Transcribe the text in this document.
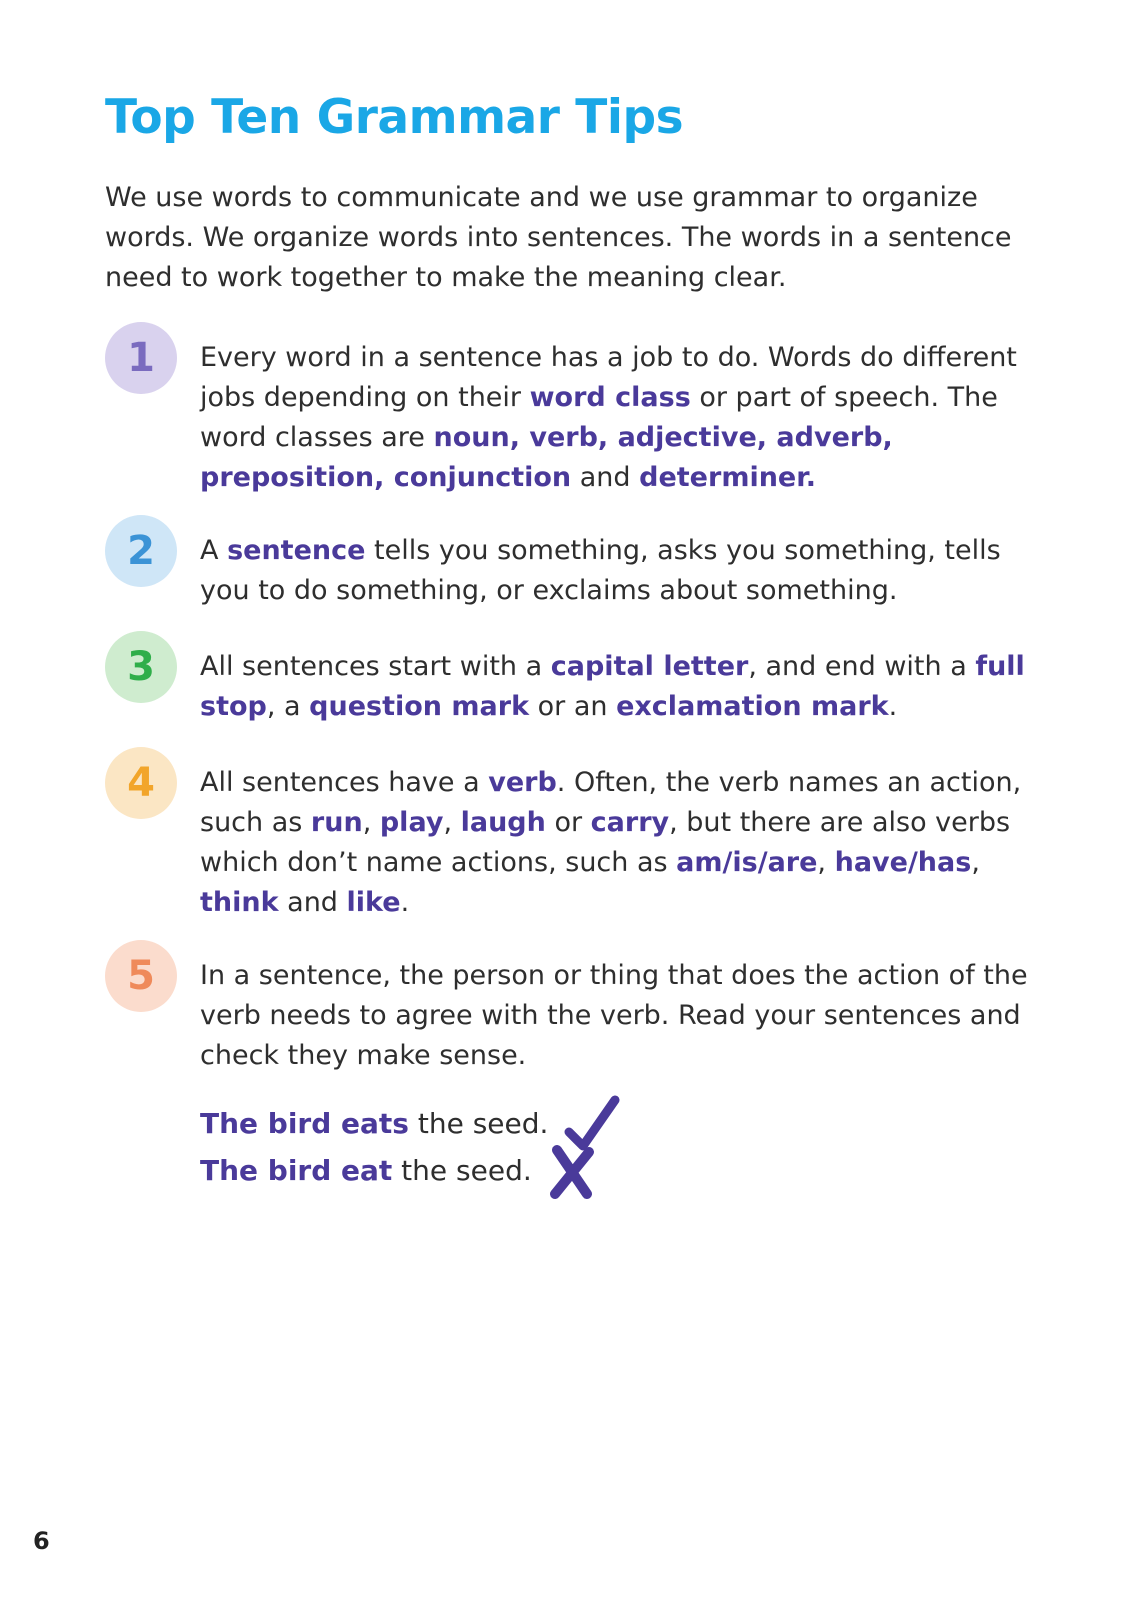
Top Ten Grammar Tips

We use words to communicate and we use grammar to organize words. We organize words into sentences. The words in a sentence need to work together to make the meaning clear.

1	Every word in a sentence has a job to do. Words do different jobs depending on their word class or part of speech. The word classes are noun, verb, adjective, adverb, preposition, conjunction and determiner.

2	A sentence tells you something, asks you something, tells you to do something, or exclaims about something.

3	All sentences start with a capital letter, and end with a full stop, a question mark or an exclamation mark.

4	All sentences have a verb. Often, the verb names an action, such as run, play, laugh or carry, but there are also verbs which don’t name actions, such as am/is/are, have/has, think and like.

5	In a sentence, the person or thing that does the action of the verb needs to agree with the verb. Read your sentences and check they make sense.

The bird eats the seed.
The bird eat the seed.
6
